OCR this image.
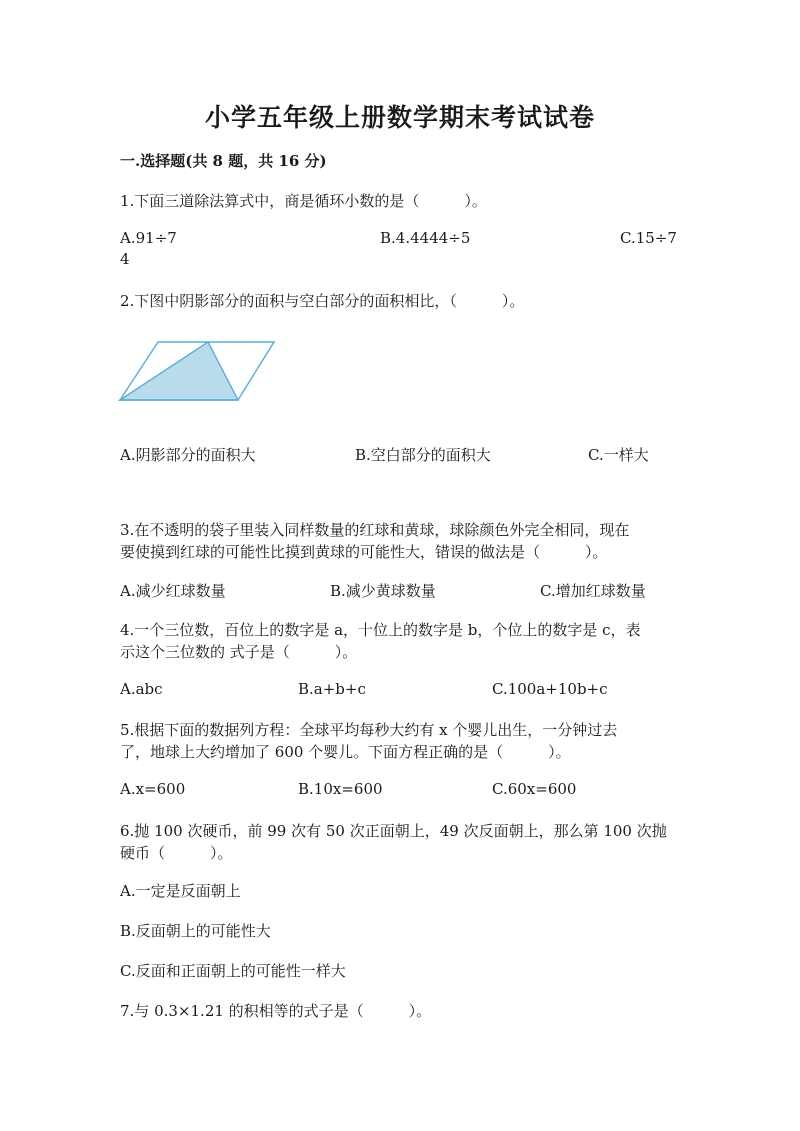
小学五年级上册数学期末考试试卷
一.选择题(共 8 题，共 16 分)
1.下面三道除法算式中，商是循环小数的是（　　　）。
A.91÷7
4
B.4.4444÷5	C.15÷7
2.下图中阴影部分的面积与空白部分的面积相比，（　　　）。
A.阴影部分的面积大	B.空白部分的面积大	C.一样大
3.在不透明的袋子里装入同样数量的红球和黄球，球除颜色外完全相同，现在
要使摸到红球的可能性比摸到黄球的可能性大，错误的做法是（　　　）。
A.减少红球数量	B.减少黄球数量	C.增加红球数量
4.一个三位数，百位上的数字是 a，十位上的数字是 b，个位上的数字是 c，表
示这个三位数的 式子是（　　　）。
A.abc	B.a+b+c	C.100a+10b+c
5.根据下面的数据列方程：全球平均每秒大约有 x 个婴儿出生，一分钟过去
了，地球上大约增加了 600 个婴儿。下面方程正确的是（　　　）。
A.x=600	B.10x=600	C.60x=600
6.抛 100 次硬币，前 99 次有 50 次正面朝上，49 次反面朝上，那么第 100 次抛
硬币（　　　）。
A.一定是反面朝上
B.反面朝上的可能性大
C.反面和正面朝上的可能性一样大
7.与 0.3×1.21 的积相等的式子是（　　　）。
